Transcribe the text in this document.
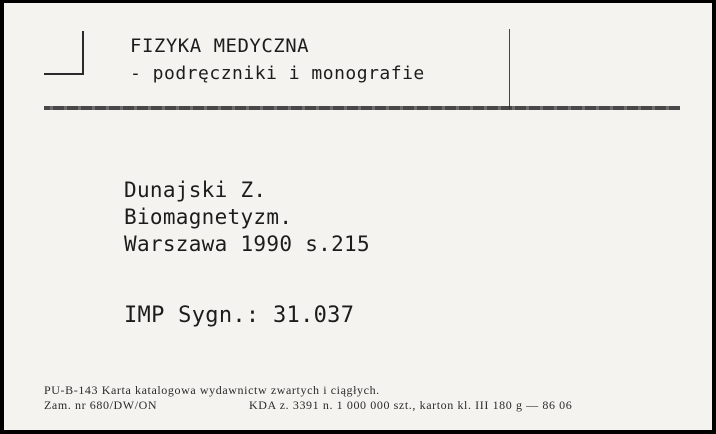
FIZYKA MEDYCZNA
- podręczniki i monografie
Dunajski Z.
Biomagnetyzm.
Warszawa 1990 s.215
IMP Sygn.: 31.037
PU-B-143 Karta katalogowa wydawnictw zwartych i ciągłych.
Zam. nr 680/DW/ON	KDA z. 3391 n. 1 000 000 szt., karton kl. III 180 g — 86 06
